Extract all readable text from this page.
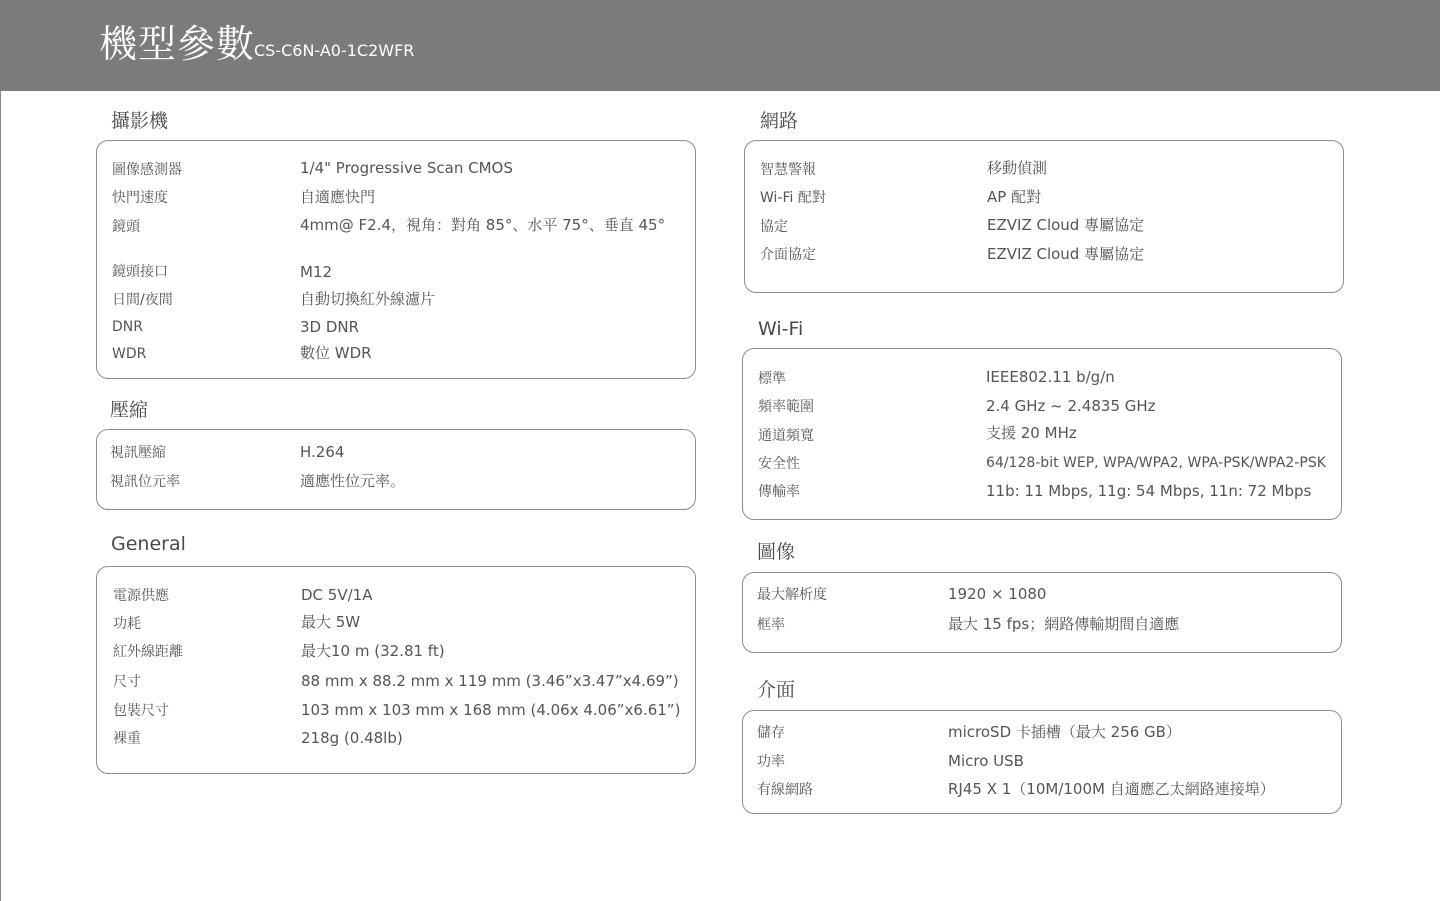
機型參數
CS-C6N-A0-1C2WFR
攝影機
圖像感測器	1/4" Progressive Scan CMOS
快門速度	自適應快門
鏡頭	4mm@ F2.4，視角：對角 85°、水平 75°、垂直 45°
鏡頭接口	M12
日間/夜間	自動切換紅外線濾片
DNR	3D DNR
WDR	數位 WDR
壓縮
視訊壓縮	H.264
視訊位元率	適應性位元率。
General
電源供應	DC 5V/1A
功耗	最大 5W
紅外線距離	最大10 m (32.81 ft)
尺寸	88 mm x 88.2 mm x 119 mm (3.46”x3.47”x4.69”)
包裝尺寸	103 mm x 103 mm x 168 mm (4.06x 4.06”x6.61”)
裸重	218g (0.48lb)
網路
智慧警報	移動偵測
Wi-Fi 配對	AP 配對
協定	EZVIZ Cloud 專屬協定
介面協定	EZVIZ Cloud 專屬協定
Wi-Fi
標準	IEEE802.11 b/g/n
頻率範圍	2.4 GHz ~ 2.4835 GHz
通道頻寬	支援 20 MHz
安全性	64/128-bit WEP, WPA/WPA2, WPA-PSK/WPA2-PSK
傳輸率	11b: 11 Mbps, 11g: 54 Mbps, 11n: 72 Mbps
圖像
最大解析度	1920 × 1080
框率	最大 15 fps；網路傳輸期間自適應
介面
儲存	microSD 卡插槽（最大 256 GB）
功率	Micro USB
有線網路	RJ45 X 1（10M/100M 自適應乙太網路連接埠）
